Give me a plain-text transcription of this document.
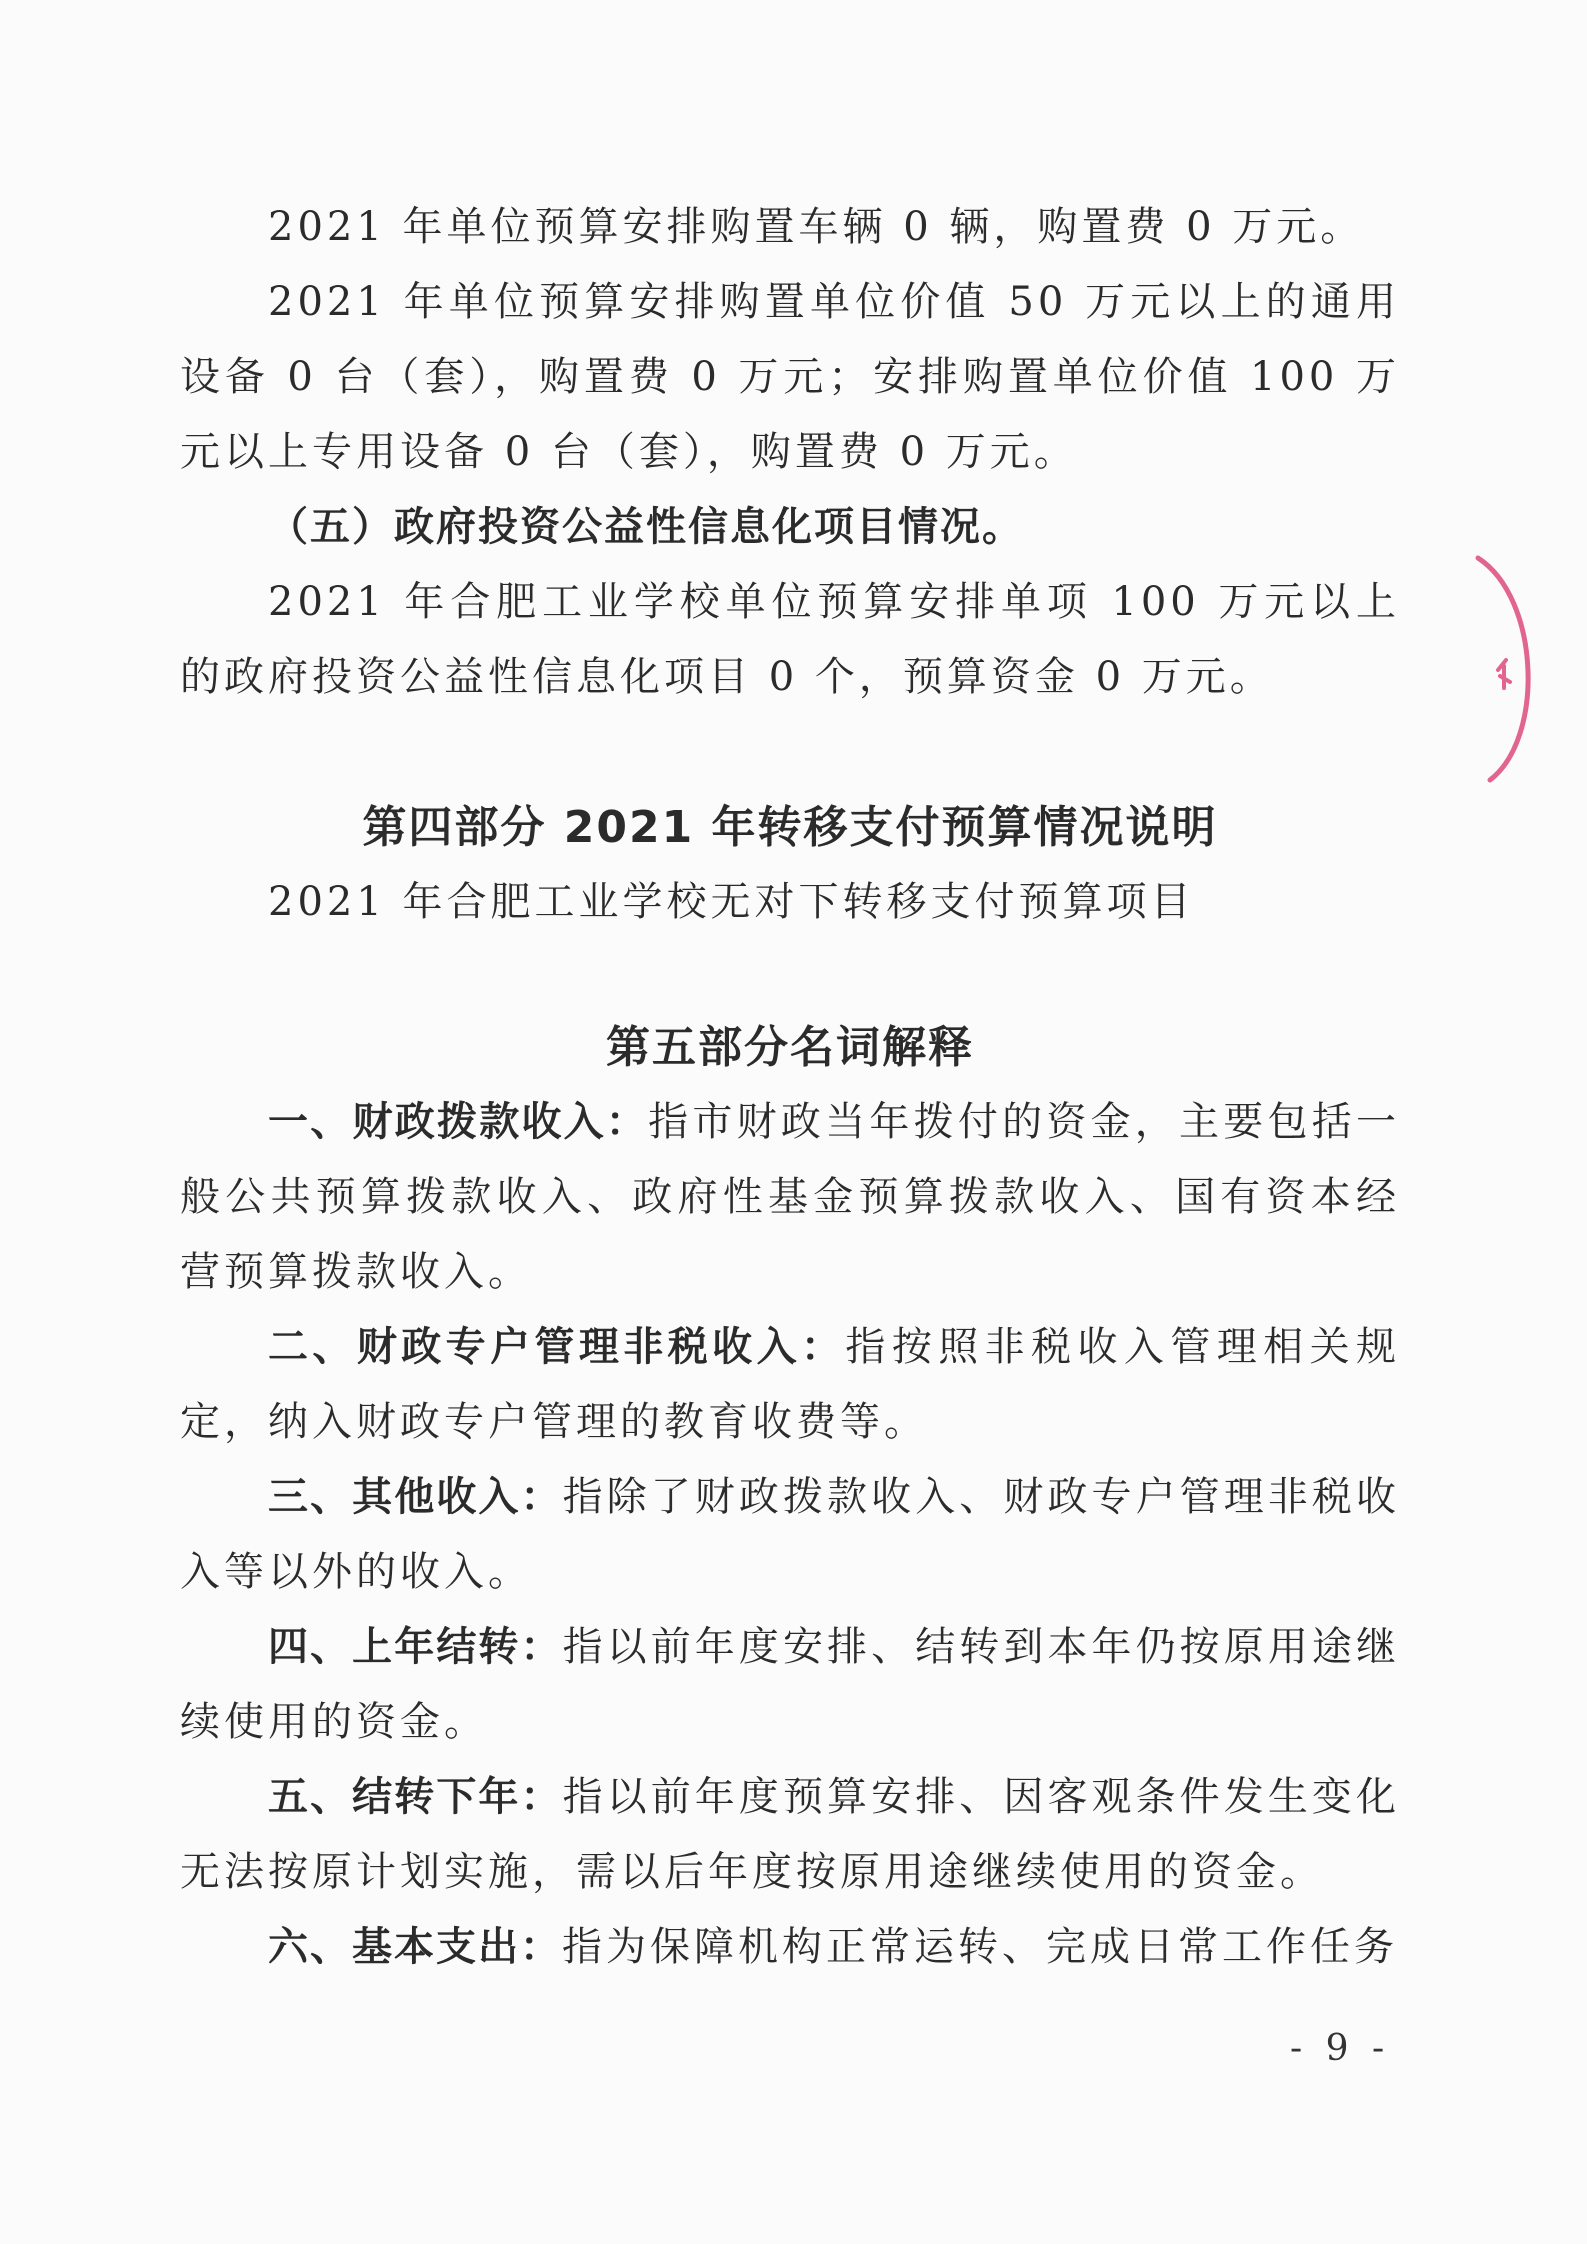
2021 年单位预算安排购置车辆 0 辆，购置费 0 万元。

2021 年单位预算安排购置单位价值 50 万元以上的通用设备 0 台（套），购置费 0 万元；安排购置单位价值 100 万元以上专用设备 0 台（套），购置费 0 万元。

（五）政府投资公益性信息化项目情况。

2021 年合肥工业学校单位预算安排单项 100 万元以上的政府投资公益性信息化项目 0 个，预算资金 0 万元。

第四部分 2021 年转移支付预算情况说明

2021 年合肥工业学校无对下转移支付预算项目

第五部分名词解释

一、财政拨款收入：指市财政当年拨付的资金，主要包括一般公共预算拨款收入、政府性基金预算拨款收入、国有资本经营预算拨款收入。

二、财政专户管理非税收入：指按照非税收入管理相关规定，纳入财政专户管理的教育收费等。

三、其他收入：指除了财政拨款收入、财政专户管理非税收入等以外的收入。

四、上年结转：指以前年度安排、结转到本年仍按原用途继续使用的资金。

五、结转下年：指以前年度预算安排、因客观条件发生变化无法按原计划实施，需以后年度按原用途继续使用的资金。

六、基本支出：指为保障机构正常运转、完成日常工作任务

- 9 -
